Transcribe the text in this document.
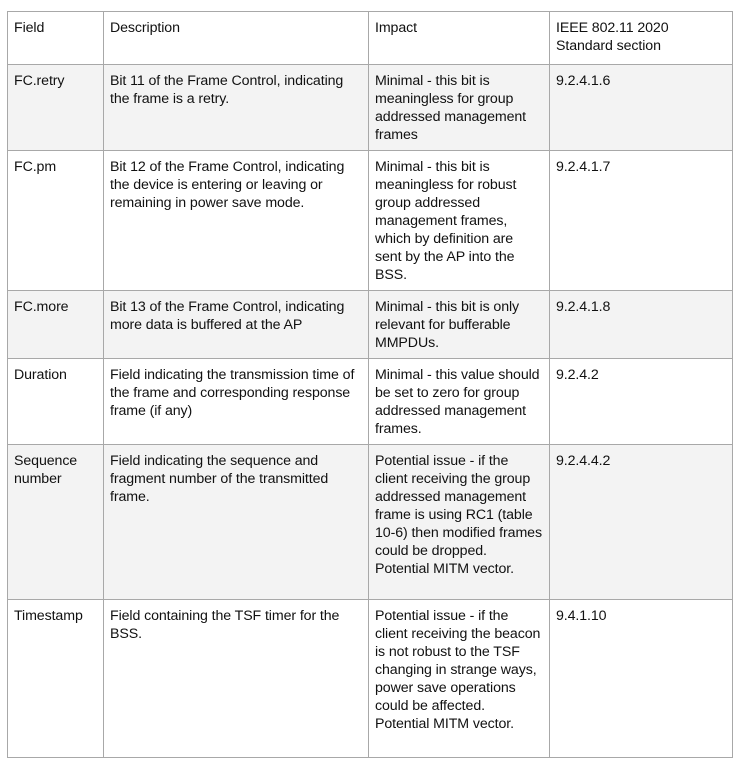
Field	Description	Impact	IEEE 802.11 2020 Standard section
FC.retry	Bit 11 of the Frame Control, indicating the frame is a retry.	Minimal - this bit is meaningless for group addressed management frames	9.2.4.1.6
FC.pm	Bit 12 of the Frame Control, indicating the device is entering or leaving or remaining in power save mode.	Minimal - this bit is meaningless for robust group addressed management frames, which by definition are sent by the AP into the BSS.	9.2.4.1.7
FC.more	Bit 13 of the Frame Control, indicating more data is buffered at the AP	Minimal - this bit is only relevant for bufferable MMPDUs.	9.2.4.1.8
Duration	Field indicating the transmission time of the frame and corresponding response frame (if any)	Minimal - this value should be set to zero for group addressed management frames.	9.2.4.2
Sequence number	Field indicating the sequence and fragment number of the transmitted frame.	Potential issue - if the client receiving the group addressed management frame is using RC1 (table 10-6) then modified frames could be dropped. Potential MITM vector.	9.2.4.4.2
Timestamp	Field containing the TSF timer for the BSS.	Potential issue - if the client receiving the beacon is not robust to the TSF changing in strange ways, power save operations could be affected. Potential MITM vector.	9.4.1.10
